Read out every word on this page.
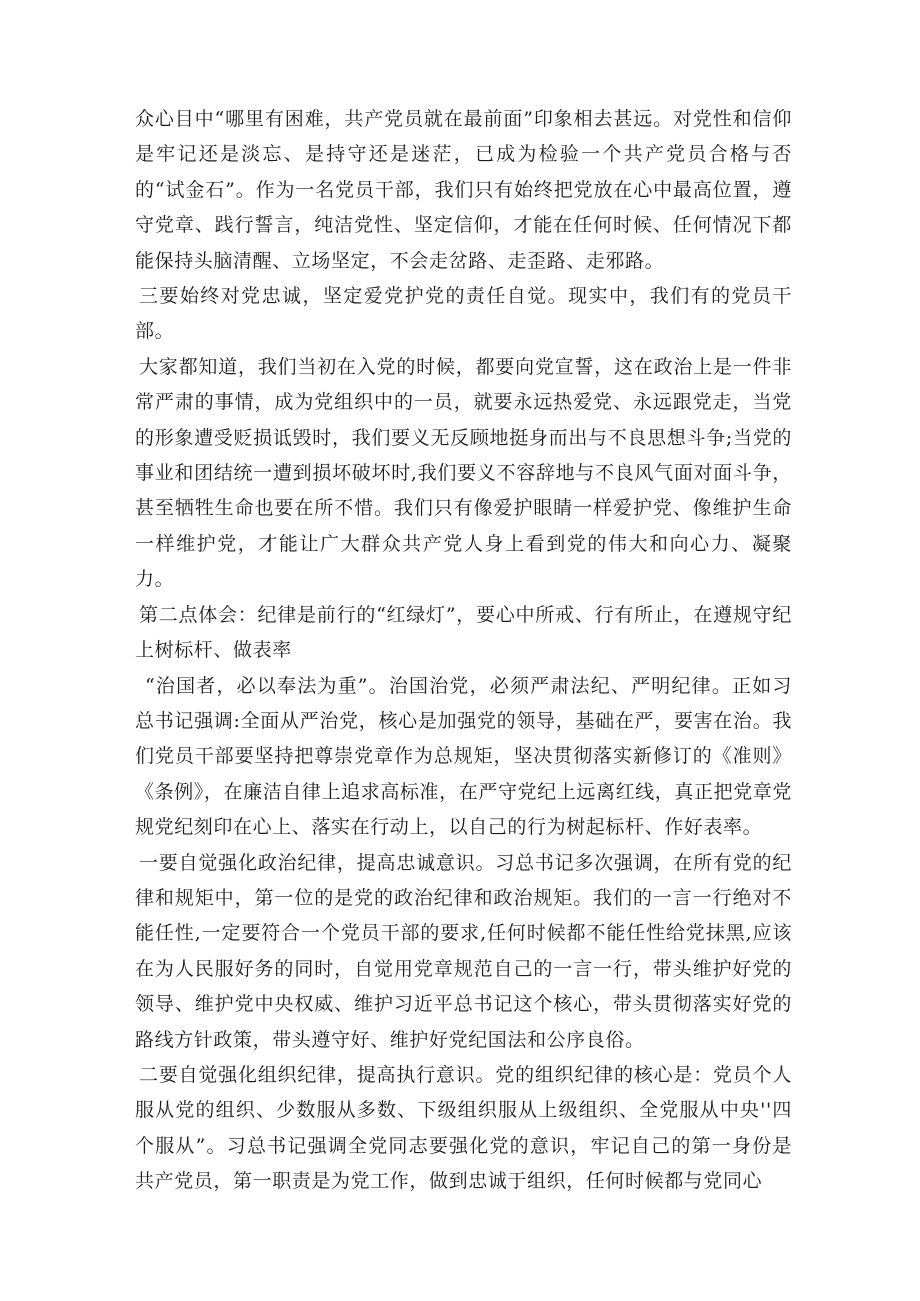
众心目中“哪里有困难，共产党员就在最前面”印象相去甚远。对党性和信仰是牢记还是淡忘、是持守还是迷茫，已成为检验一个共产党员合格与否的“试金石”。作为一名党员干部，我们只有始终把党放在心中最高位置，遵守党章、践行誓言，纯洁党性、坚定信仰，才能在任何时候、任何情况下都能保持头脑清醒、立场坚定，不会走岔路、走歪路、走邪路。

三要始终对党忠诚，坚定爱党护党的责任自觉。现实中，我们有的党员干部。

大家都知道，我们当初在入党的时候，都要向党宣誓，这在政治上是一件非常严肃的事情，成为党组织中的一员，就要永远热爱党、永远跟党走，当党的形象遭受贬损诋毁时，我们要义无反顾地挺身而出与不良思想斗争;当党的事业和团结统一遭到损坏破坏时,我们要义不容辞地与不良风气面对面斗争，甚至牺牲生命也要在所不惜。我们只有像爱护眼睛一样爱护党、像维护生命一样维护党，才能让广大群众共产党人身上看到党的伟大和向心力、凝聚力。

第二点体会：纪律是前行的“红绿灯”，要心中所戒、行有所止，在遵规守纪上树标杆、做表率

“治国者，必以奉法为重”。治国治党，必须严肃法纪、严明纪律。正如习总书记强调:全面从严治党，核心是加强党的领导，基础在严，要害在治。我们党员干部要坚持把尊崇党章作为总规矩，坚决贯彻落实新修订的《准则》《条例》，在廉洁自律上追求高标准，在严守党纪上远离红线，真正把党章党规党纪刻印在心上、落实在行动上，以自己的行为树起标杆、作好表率。

一要自觉强化政治纪律，提高忠诚意识。习总书记多次强调，在所有党的纪律和规矩中，第一位的是党的政治纪律和政治规矩。我们的一言一行绝对不能任性,一定要符合一个党员干部的要求,任何时候都不能任性给党抹黑,应该在为人民服好务的同时，自觉用党章规范自己的一言一行，带头维护好党的领导、维护党中央权威、维护习近平总书记这个核心，带头贯彻落实好党的路线方针政策，带头遵守好、维护好党纪国法和公序良俗。

二要自觉强化组织纪律，提高执行意识。党的组织纪律的核心是：党员个人服从党的组织、少数服从多数、下级组织服从上级组织、全党服从中央''四个服从”。习总书记强调全党同志要强化党的意识，牢记自己的第一身份是共产党员，第一职责是为党工作，做到忠诚于组织，任何时候都与党同心
